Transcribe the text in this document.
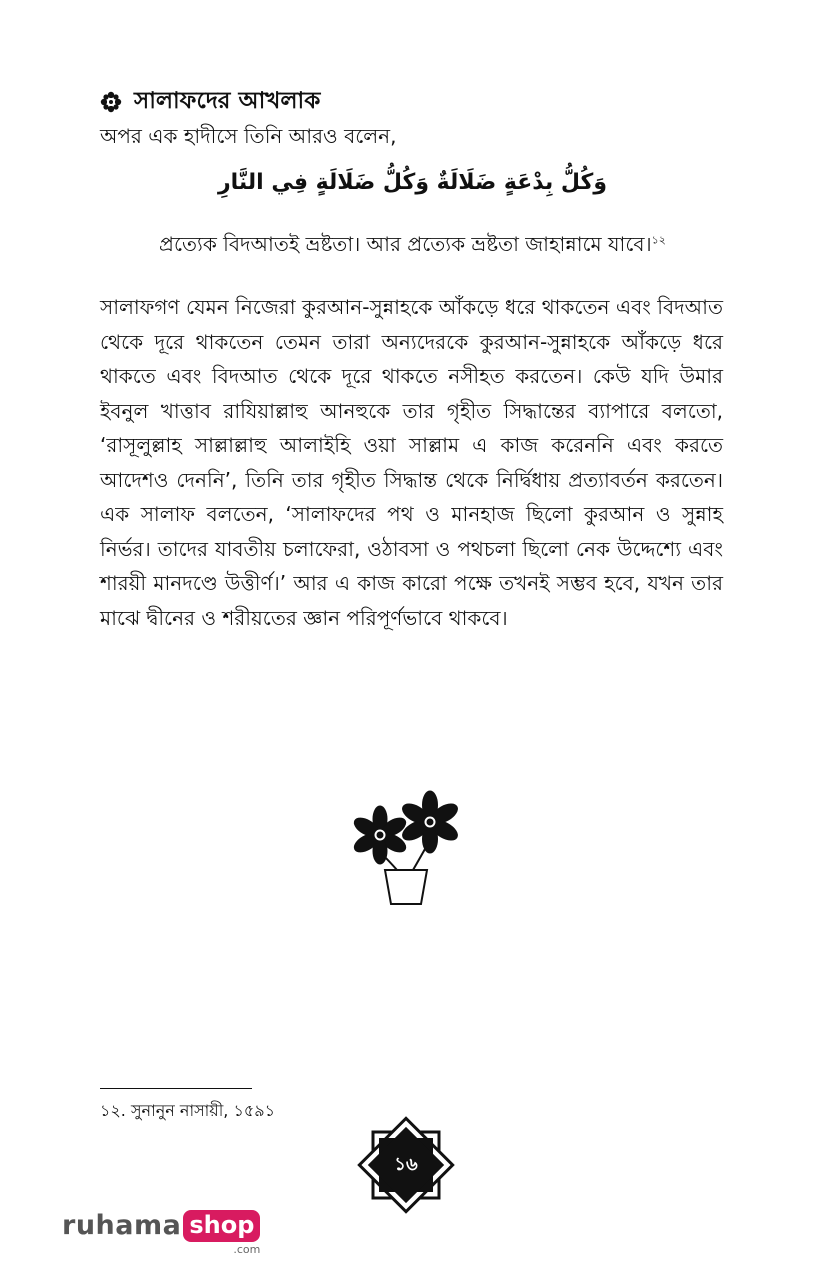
সালাফদের আখলাক
অপর এক হাদীসে তিনি আরও বলেন,
وَكُلُّ بِدْعَةٍ ضَلَالَةٌ وَكُلُّ ضَلَالَةٍ فِي النَّارِ
প্রত্যেক বিদআতই ভ্রষ্টতা। আর প্রত্যেক ভ্রষ্টতা জাহান্নামে যাবে।$^{১২}$
সালাফগণ যেমন নিজেরা কুরআন-সুন্নাহকে আঁকড়ে ধরে থাকতেন এবং বিদআত থেকে দূরে থাকতেন তেমন তারা অন্যদেরকে কুরআন-সুন্নাহকে আঁকড়ে ধরে থাকতে এবং বিদআত থেকে দূরে থাকতে নসীহত করতেন। কেউ যদি উমার ইবনুল খাত্তাব রাযিয়াল্লাহু আনহুকে তার গৃহীত সিদ্ধান্তের ব্যাপারে বলতো, ‘রাসূলুল্লাহ সাল্লাল্লাহু আলাইহি ওয়া সাল্লাম এ কাজ করেননি এবং করতে আদেশও দেননি’, তিনি তার গৃহীত সিদ্ধান্ত থেকে নির্দ্বিধায় প্রত্যাবর্তন করতেন। এক সালাফ বলতেন, ‘সালাফদের পথ ও মানহাজ ছিলো কুরআন ও সুন্নাহ নির্ভর। তাদের যাবতীয় চলাফেরা, ওঠাবসা ও পথচলা ছিলো নেক উদ্দেশ্যে এবং শারয়ী মানদণ্ডে উত্তীর্ণ।’ আর এ কাজ কারো পক্ষে তখনই সম্ভব হবে, যখন তার মাঝে দ্বীনের ও শরীয়তের জ্ঞান পরিপূর্ণভাবে থাকবে।
১২. সুনানুন নাসায়ী, ১৫৯১
১৬
ruhama shop
.com
